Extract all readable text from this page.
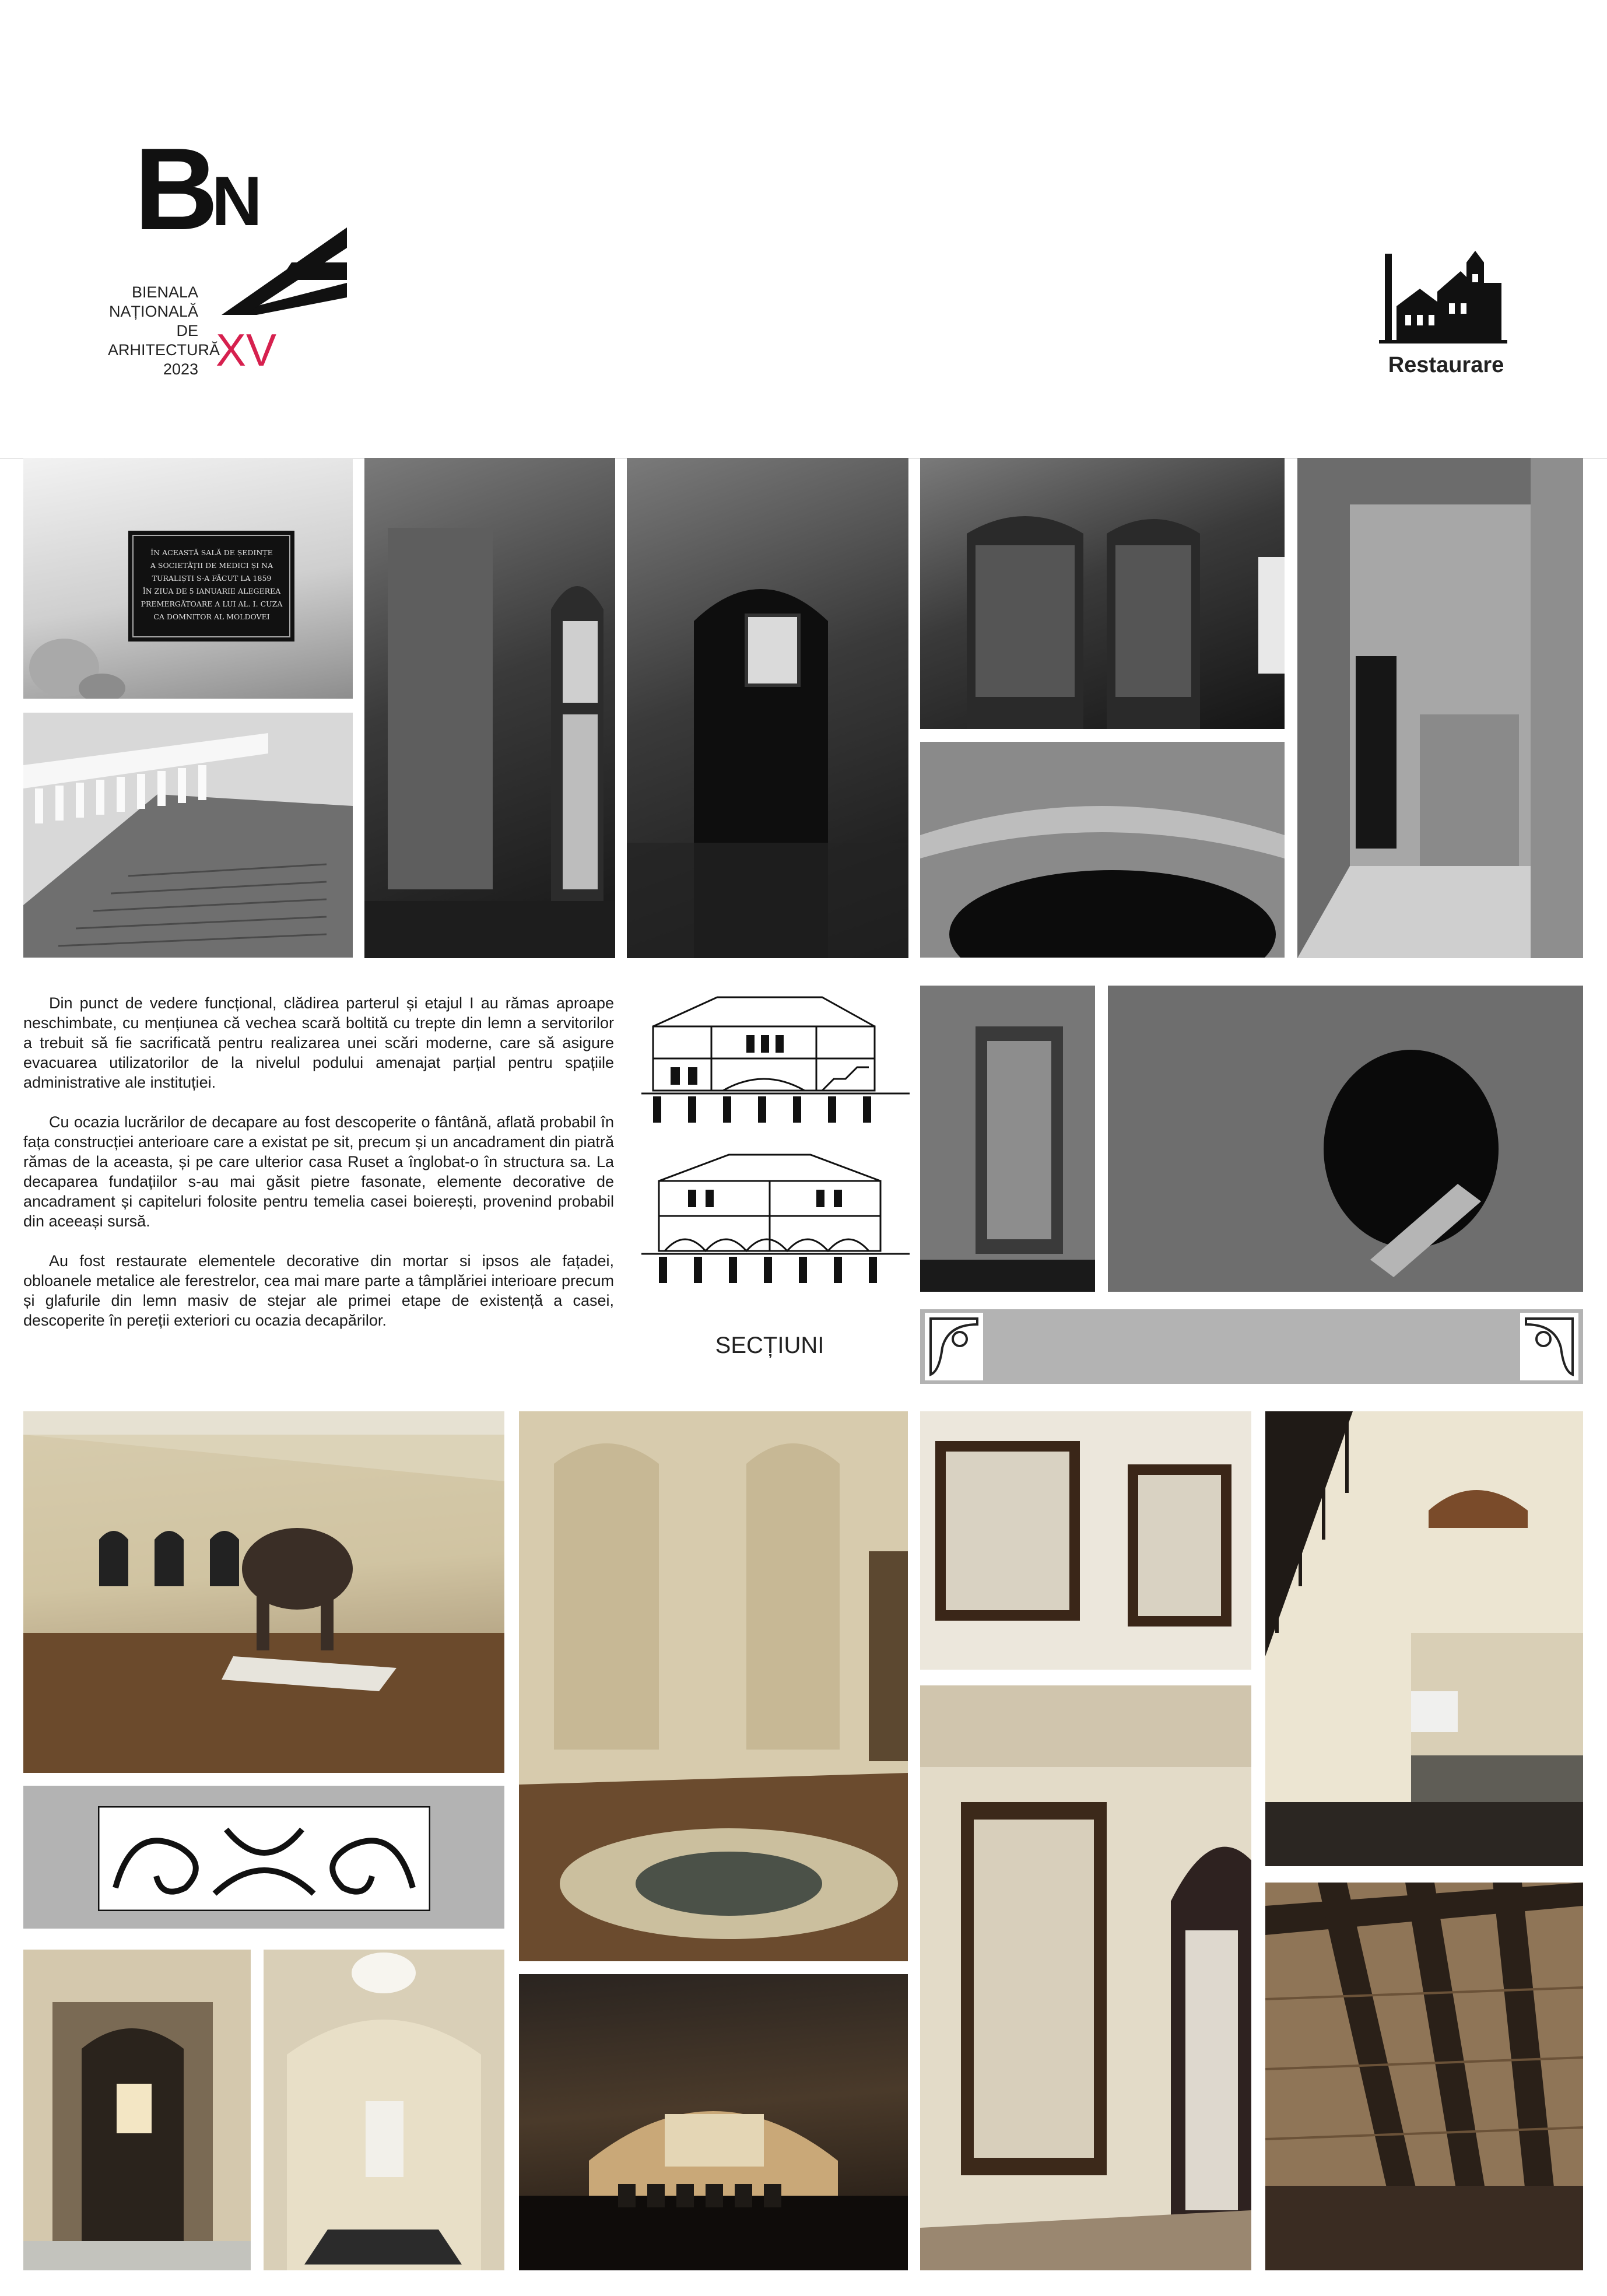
B
N
BIENALA
NAȚIONALĂ
DE
ARHITECTURĂ
2023 XV	Restaurare
ÎN ACEASTĂ SALĂ DE ȘEDINȚE
A SOCIETĂȚII DE MEDICI ȘI NA
TURALIȘTI S-A FĂCUT LA 1859
ÎN ZIUA DE 5 IANUARIE ALEGEREA
PREMERGĂTOARE A LUI AL. I. CUZA
CA DOMNITOR AL MOLDOVEI

Din punct de vedere funcțional, clădirea parterul și etajul I au rămas aproape neschimbate, cu mențiunea că vechea scară boltită cu trepte din lemn a servitorilor a trebuit să fie sacrificată pentru realizarea unei scări moderne, care să asigure evacuarea utilizatorilor de la nivelul podului amenajat parțial pentru spațiile administrative ale instituției.

Cu ocazia lucrărilor de decapare au fost descoperite o fântână, aflată probabil în fața construcției anterioare care a existat pe sit, precum și un ancadrament din piatră rămas de la aceasta, și pe care ulterior casa Ruset a înglobat-o în structura sa. La decaparea fundațiilor s-au mai găsit pietre fasonate, elemente decorative de ancadrament și capiteluri folosite pentru temelia casei boierești, provenind probabil din aceeași sursă.

Au fost restaurate elementele decorative din mortar si ipsos ale fațadei, obloanele metalice ale ferestrelor, cea mai mare parte a tâmplăriei interioare precum și glafurile din lemn masiv de stejar ale primei etape de existență a casei, descoperite în pereții exteriori cu ocazia decapărilor.

SECȚIUNI
